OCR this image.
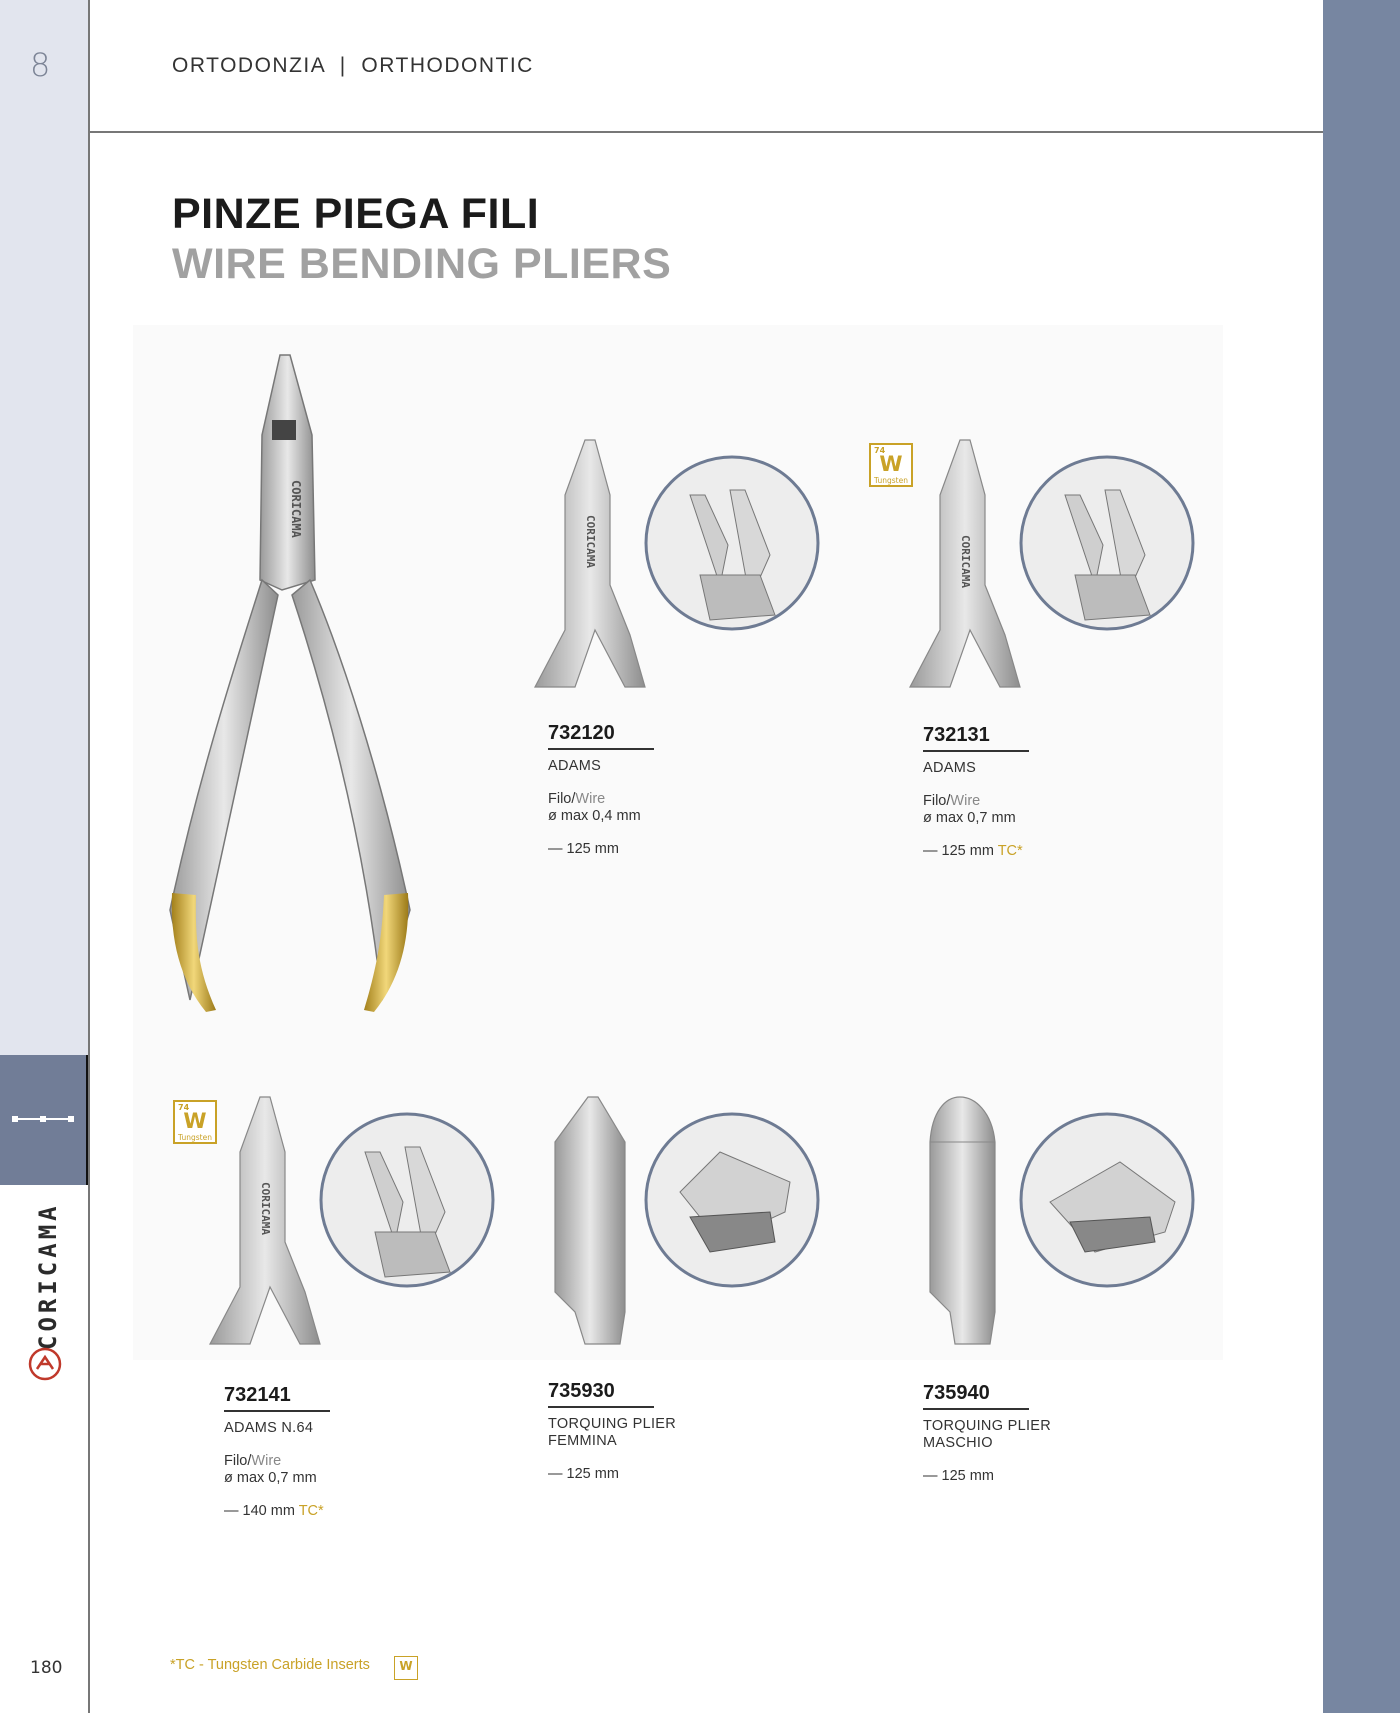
8
180
ORTODONZIA  |  ORTHODONTIC
PINZE PIEGA FILI
WIRE BENDING PLIERS
CORICAMA
CORICAMA
CORICAMA	CORICAMA
CORICAMA
74
W
Tungsten
74
W
Tungsten
732120
ADAMS
Filo/Wire
ø max 0,4 mm
— 125 mm
732131
ADAMS
Filo/Wire
ø max 0,7 mm
— 125 mm TC*
732141
ADAMS N.64
Filo/Wire
ø max 0,7 mm
— 140 mm TC*
735930
TORQUING PLIER
FEMMINA
— 125 mm
735940
TORQUING PLIER
MASCHIO
— 125 mm
*TC - Tungsten Carbide Inserts	W
